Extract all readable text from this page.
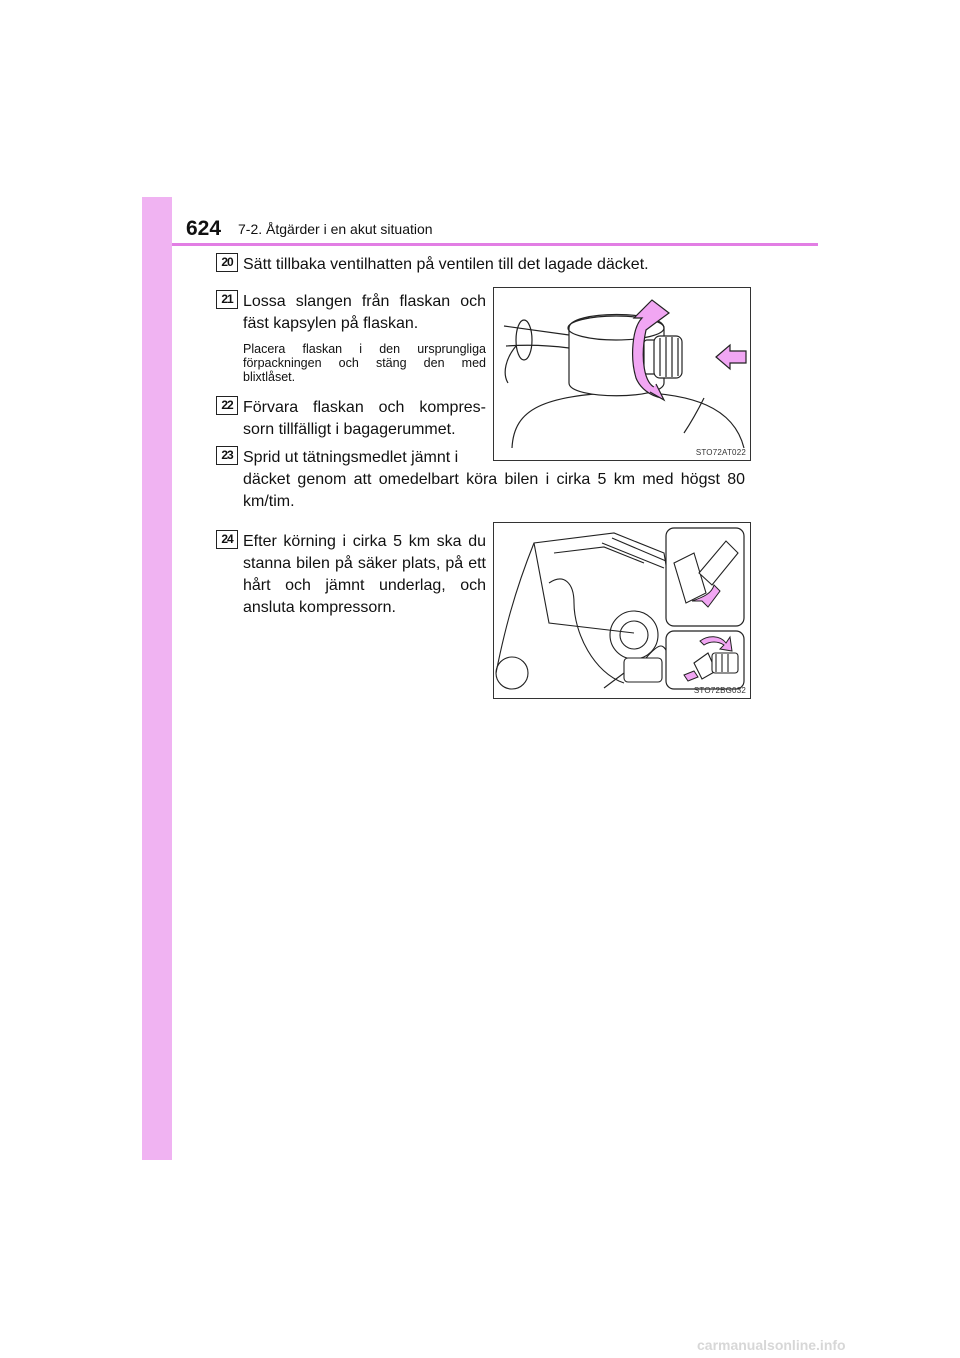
624 7-2. Åtgärder i en akut situation
20 Sätt tillbaka ventilhatten på ventilen till det lagade däcket.
21 Lossa slangen från flaskan och fäst kapsylen på flaskan.
Placera flaskan i den ursprungliga förpackningen och stäng den med blixtlåset.
STO72AT022
22 Förvara flaskan och kompres- sorn tillfälligt i bagagerummet.
23 Sprid ut tätningsmedlet jämnt i
däcket genom att omedelbart köra bilen i cirka 5 km med högst 80 km/tim.
24 Efter körning i cirka 5 km ska du stanna bilen på säker plats, på ett hårt och jämnt underlag, och ansluta kompressorn.
STO72BG032
carmanualsonline.info
